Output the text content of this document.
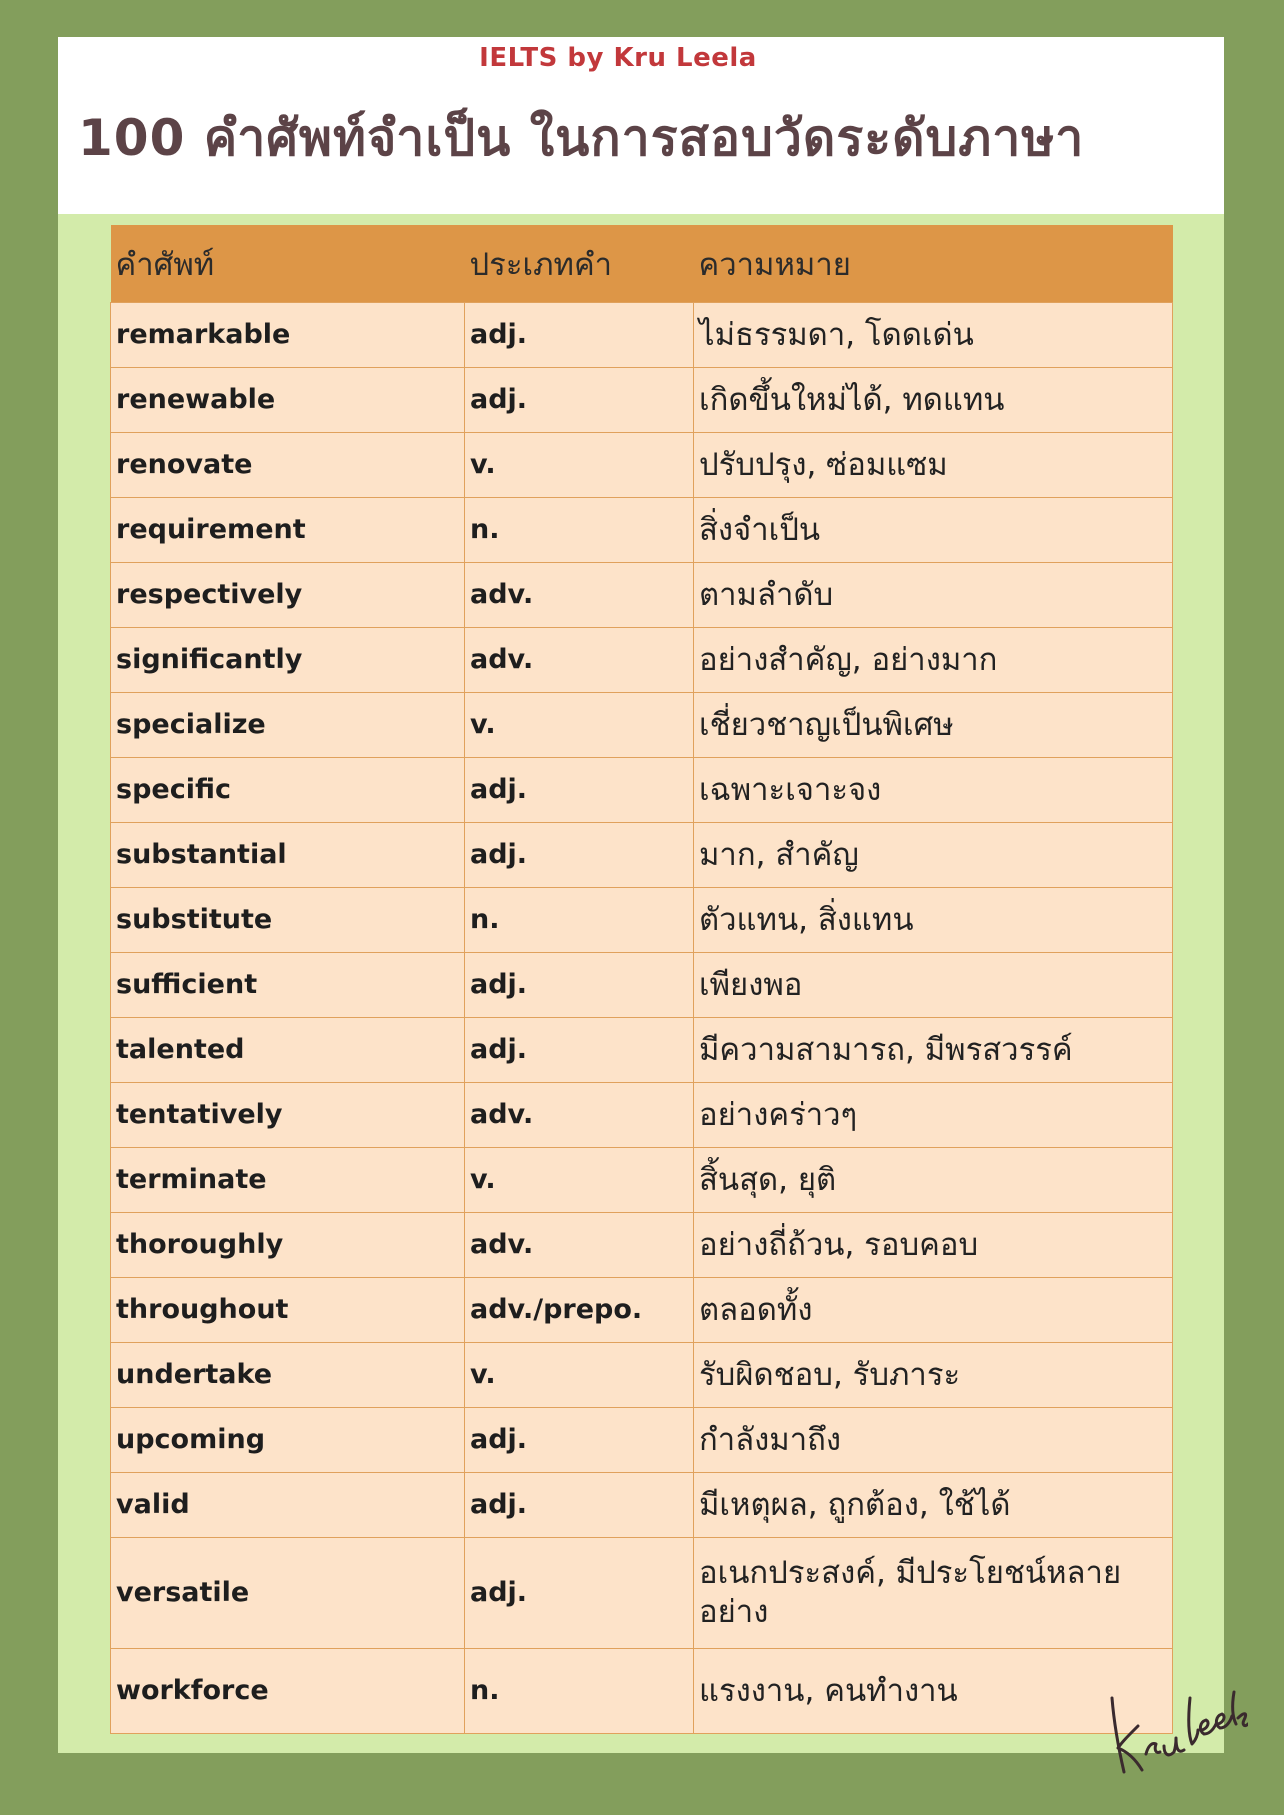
IELTS by Kru Leela
100 คำศัพท์จำเป็น ในการสอบวัดระดับภาษา
คำศัพท์	ประเภทคำ	ความหมาย
remarkable	adj.	ไม่ธรรมดา, โดดเด่น
renewable	adj.	เกิดขึ้นใหม่ได้, ทดแทน
renovate	v.	ปรับปรุง, ซ่อมแซม
requirement	n.	สิ่งจำเป็น
respectively	adv.	ตามลำดับ
significantly	adv.	อย่างสำคัญ, อย่างมาก
specialize	v.	เชี่ยวชาญเป็นพิเศษ
specific	adj.	เฉพาะเจาะจง
substantial	adj.	มาก, สำคัญ
substitute	n.	ตัวแทน, สิ่งแทน
sufficient	adj.	เพียงพอ
talented	adj.	มีความสามารถ, มีพรสวรรค์
tentatively	adv.	อย่างคร่าวๆ
terminate	v.	สิ้นสุด, ยุติ
thoroughly	adv.	อย่างถี่ถ้วน, รอบคอบ
throughout	adv./prepo.	ตลอดทั้ง
undertake	v.	รับผิดชอบ, รับภาระ
upcoming	adj.	กำลังมาถึง
valid	adj.	มีเหตุผล, ถูกต้อง, ใช้ได้
versatile	adj.	อเนกประสงค์, มีประโยชน์หลายอย่าง
workforce	n.	แรงงาน, คนทำงาน
